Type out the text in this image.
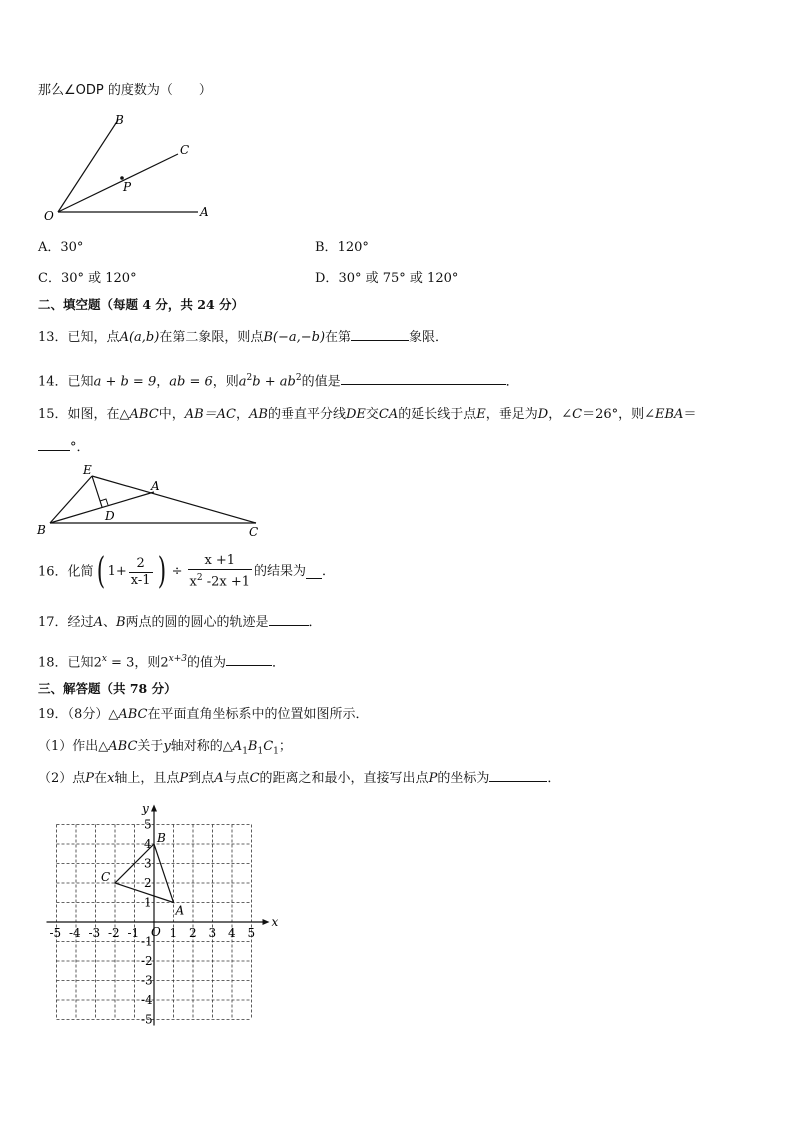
那么∠ODP 的度数为（　　）
O	A
B
C
P
A．30°	B．120°
C．30° 或 120°	D．30° 或 75° 或 120°
二、填空题（每题 4 分，共 24 分）
13．已知，点A(a,b)在第二象限，则点B(−a,−b)在第	象限．
14．已知a + b = 9，ab = 6，则$a^2b + ab^2$的值是	．
15．如图，在△ABC中，AB＝AC，AB的垂直平分线DE交CA的延长线于点E，垂足为D，∠C＝26°，则∠EBA＝
°．
E
A
D
B	C
16．化简( $1+ \frac{2}{x-1}$ ) ÷ $\frac{x +1}{x^2 -2x +1}$ 的结果为 ．
17．经过A、B两点的圆的圆心的轨迹是	．
18．已知$2^x = 3$，则$2^{x+3}$的值为	．
三、解答题（共 78 分）
19．（8分）△ABC在平面直角坐标系中的位置如图所示．
（1）作出△ABC关于y轴对称的$\triangle A_1B_1C_1$；
（2）点P在x轴上，且点P到点A与点C的距离之和最小，直接写出点P的坐标为	．
x
y
O
-5 -4 -3 -2 -1	1 2 3 4 5
5
4
3
2
1
-1
-2
-3
-4
-5
A
B
C
